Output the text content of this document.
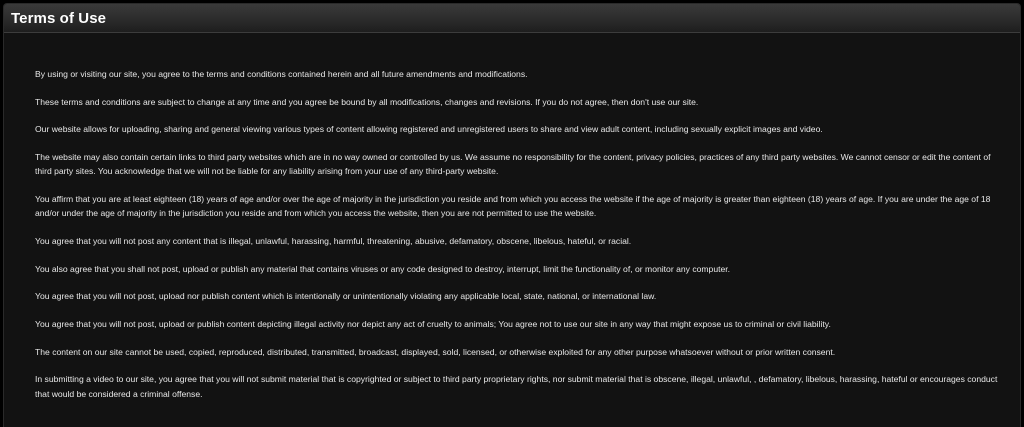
Terms of Use

By using or visiting our site, you agree to the terms and conditions contained herein and all future amendments and modifications.

These terms and conditions are subject to change at any time and you agree be bound by all modifications, changes and revisions. If you do not agree, then don't use our site.

Our website allows for uploading, sharing and general viewing various types of content allowing registered and unregistered users to share and view adult content, including sexually explicit images and video.

The website may also contain certain links to third party websites which are in no way owned or controlled by us. We assume no responsibility for the content, privacy policies, practices of any third party websites. We cannot censor or edit the content of third party sites. You acknowledge that we will not be liable for any liability arising from your use of any third-party website.

You affirm that you are at least eighteen (18) years of age and/or over the age of majority in the jurisdiction you reside and from which you access the website if the age of majority is greater than eighteen (18) years of age. If you are under the age of 18 and/or under the age of majority in the jurisdiction you reside and from which you access the website, then you are not permitted to use the website.

You agree that you will not post any content that is illegal, unlawful, harassing, harmful, threatening, abusive, defamatory, obscene, libelous, hateful, or racial.

You also agree that you shall not post, upload or publish any material that contains viruses or any code designed to destroy, interrupt, limit the functionality of, or monitor any computer.

You agree that you will not post, upload nor publish content which is intentionally or unintentionally violating any applicable local, state, national, or international law.

You agree that you will not post, upload or publish content depicting illegal activity nor depict any act of cruelty to animals; You agree not to use our site in any way that might expose us to criminal or civil liability.

The content on our site cannot be used, copied, reproduced, distributed, transmitted, broadcast, displayed, sold, licensed, or otherwise exploited for any other purpose whatsoever without or prior written consent.

In submitting a video to our site, you agree that you will not submit material that is copyrighted or subject to third party proprietary rights, nor submit material that is obscene, illegal, unlawful, , defamatory, libelous, harassing, hateful or encourages conduct that would be considered a criminal offense.
